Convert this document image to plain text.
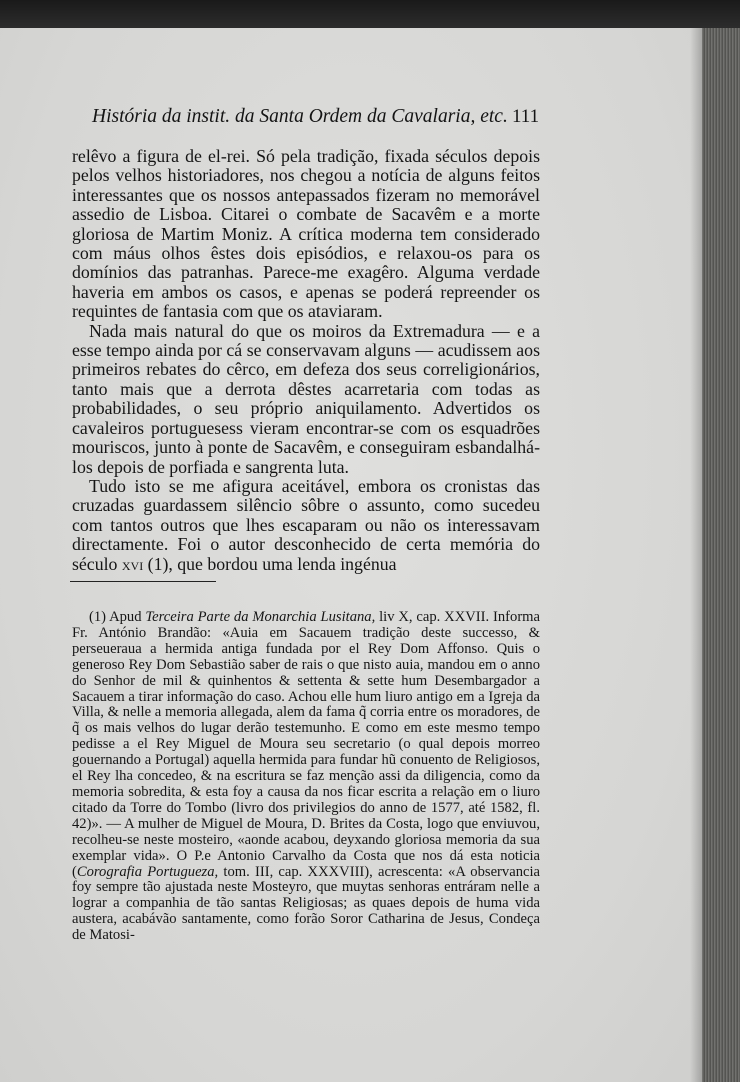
História da instit. da Santa Ordem da Cavalaria, etc. 111

relêvo a figura de el-rei. Só pela tradição, fixada séculos depois pelos velhos historiadores, nos chegou a notícia de alguns feitos interessantes que os nossos antepassados fizeram no memorável assedio de Lisboa. Citarei o combate de Sacavêm e a morte gloriosa de Martim Moniz. A crítica moderna tem considerado com máus olhos êstes dois episódios, e relaxou-os para os domínios das patranhas. Parece-me exagêro. Alguma verdade haveria em ambos os casos, e apenas se poderá repreender os requintes de fantasia com que os ataviaram.

Nada mais natural do que os moiros da Extremadura — e a esse tempo ainda por cá se conservavam alguns — acudissem aos primeiros rebates do cêrco, em defeza dos seus correligionários, tanto mais que a derrota dêstes acarretaria com todas as probabilidades, o seu próprio aniquilamento. Advertidos os cavaleiros portuguesess vieram encontrar-se com os esquadrões mouriscos, junto à ponte de Sacavêm, e conseguiram esbandalhá-los depois de porfiada e sangrenta luta.

Tudo isto se me afigura aceitável, embora os cronistas das cruzadas guardassem silêncio sôbre o assunto, como sucedeu com tantos outros que lhes escaparam ou não os interessavam directamente. Foi o autor desconhecido de certa memória do século xvi (1), que bordou uma lenda ingénua

(1) Apud Terceira Parte da Monarchia Lusitana, liv X, cap. XXVII. Informa Fr. António Brandão: «Auia em Sacauem tradição deste successo, & perseueraua a hermida antiga fundada por el Rey Dom Affonso. Quis o generoso Rey Dom Sebastião saber de rais o que nisto auia, mandou em o anno do Senhor de mil & quinhentos & settenta & sette hum Desembargador a Sacauem a tirar informação do caso. Achou elle hum liuro antigo em a Igreja da Villa, & nelle a memoria allegada, alem da fama q̃ corria entre os moradores, de q̃ os mais velhos do lugar derão testemunho. E como em este mesmo tempo pedisse a el Rey Miguel de Moura seu secretario (o qual depois morreo gouernando a Portugal) aquella hermida para fundar hũ conuento de Religiosos, el Rey lha concedeo, & na escritura se faz menção assi da diligencia, como da memoria sobredita, & esta foy a causa da nos ficar escrita a relação em o liuro citado da Torre do Tombo (livro dos privilegios do anno de 1577, até 1582, fl. 42)». — A mulher de Miguel de Moura, D. Brites da Costa, logo que enviuvou, recolheu-se neste mosteiro, «aonde acabou, deyxando gloriosa memoria da sua exemplar vida». O P.e Antonio Carvalho da Costa que nos dá esta noticia (Corografia Portugueza, tom. III, cap. XXXVIII), acrescenta: «A observancia foy sempre tão ajustada neste Mosteyro, que muytas senhoras entráram nelle a lograr a companhia de tão santas Religiosas; as quaes depois de huma vida austera, acabávão santamente, como forão Soror Catharina de Jesus, Condeça de Matosi-
